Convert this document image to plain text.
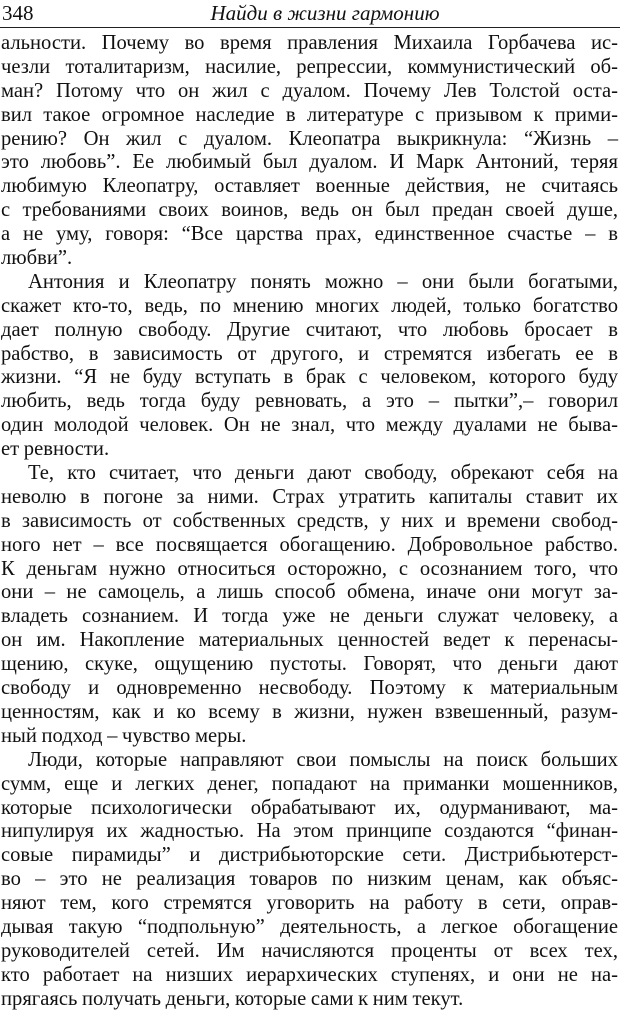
348	Найди в жизни гармонию
альности. Почему во время правления Михаила Горбачева ис-
чезли тоталитаризм, насилие, репрессии, коммунистический об-
ман? Потому что он жил с дуалом. Почему Лев Толстой оста-
вил такое огромное наследие в литературе с призывом к прими-
рению? Он жил с дуалом. Клеопатра выкрикнула: “Жизнь –
это любовь”. Ее любимый был дуалом. И Марк Антоний, теряя
любимую Клеопатру, оставляет военные действия, не считаясь
с требованиями своих воинов, ведь он был предан своей душе,
а не уму, говоря: “Все царства прах, единственное счастье – в
любви”.
Антония и Клеопатру понять можно – они были богатыми,
скажет кто-то, ведь, по мнению многих людей, только богатство
дает полную свободу. Другие считают, что любовь бросает в
рабство, в зависимость от другого, и стремятся избегать ее в
жизни. “Я не буду вступать в брак с человеком, которого буду
любить, ведь тогда буду ревновать, а это – пытки”,– говорил
один молодой человек. Он не знал, что между дуалами не быва-
ет ревности.
Те, кто считает, что деньги дают свободу, обрекают себя на
неволю в погоне за ними. Страх утратить капиталы ставит их
в зависимость от собственных средств, у них и времени свобод-
ного нет – все посвящается обогащению. Добровольное рабство.
К деньгам нужно относиться осторожно, с осознанием того, что
они – не самоцель, а лишь способ обмена, иначе они могут за-
владеть сознанием. И тогда уже не деньги служат человеку, а
он им. Накопление материальных ценностей ведет к перенасы-
щению, скуке, ощущению пустоты. Говорят, что деньги дают
свободу и одновременно несвободу. Поэтому к материальным
ценностям, как и ко всему в жизни, нужен взвешенный, разум-
ный подход – чувство меры.
Люди, которые направляют свои помыслы на поиск больших
сумм, еще и легких денег, попадают на приманки мошенников,
которые психологически обрабатывают их, одурманивают, ма-
нипулируя их жадностью. На этом принципе создаются “финан-
совые пирамиды” и дистрибьюторские сети. Дистрибьютерст-
во – это не реализация товаров по низким ценам, как объяс-
няют тем, кого стремятся уговорить на работу в сети, оправ-
дывая такую “подпольную” деятельность, а легкое обогащение
руководителей сетей. Им начисляются проценты от всех тех,
кто работает на низших иерархических ступенях, и они не на-
прягаясь получать деньги, которые сами к ним текут.
